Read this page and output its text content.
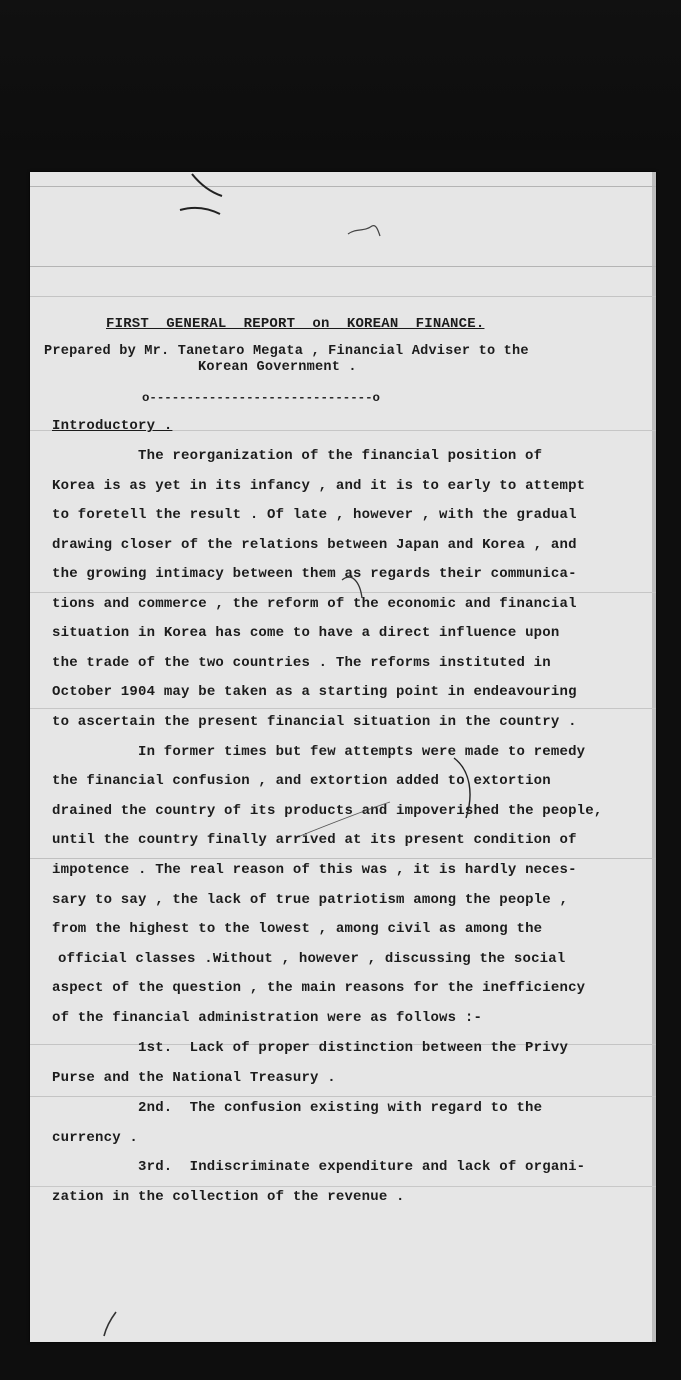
FIRST  GENERAL  REPORT  on  KOREAN  FINANCE.
Prepared by Mr. Tanetaro Megata , Financial Adviser to the
Korean Government .
o------------------------------o
Introductory .
The reorganization of the financial position of
Korea is as yet in its infancy , and it is to early to attempt
to foretell the result . Of late , however , with the gradual
drawing closer of the relations between Japan and Korea , and
the growing intimacy between them as regards their communica-
tions and commerce , the reform of the economic and financial
situation in Korea has come to have a direct influence upon
the trade of the two countries . The reforms instituted in
October 1904 may be taken as a starting point in endeavouring
to ascertain the present financial situation in the country .
In former times but few attempts were made to remedy
the financial confusion , and extortion added to extortion
drained the country of its products and impoverished the people,
until the country finally arrived at its present condition of
impotence . The real reason of this was , it is hardly neces-
sary to say , the lack of true patriotism among the people ,
from the highest to the lowest , among civil as among the
official classes .Without , however , discussing the social
aspect of the question , the main reasons for the inefficiency
of the financial administration were as follows :-
1st.  Lack of proper distinction between the Privy
Purse and the National Treasury .
2nd.  The confusion existing with regard to the
currency .
3rd.  Indiscriminate expenditure and lack of organi-
zation in the collection of the revenue .
